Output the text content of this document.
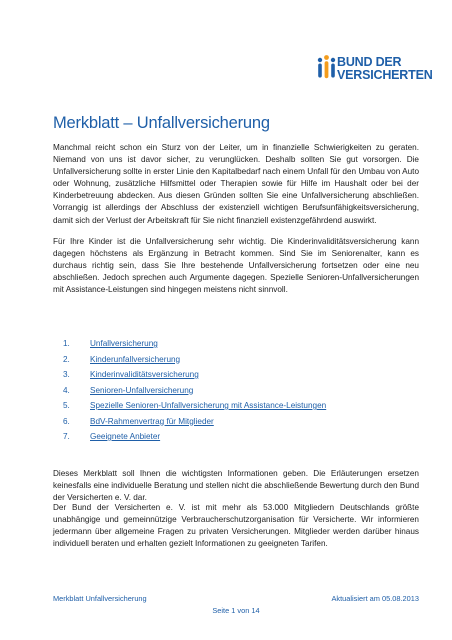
BUND DER
VERSICHERTEN
Merkblatt – Unfallversicherung

Manchmal reicht schon ein Sturz von der Leiter, um in finanzielle Schwierigkeiten zu geraten. Niemand von uns ist davor sicher, zu verunglücken. Deshalb sollten Sie gut vorsorgen. Die Unfallversicherung sollte in erster Linie den Kapitalbedarf nach einem Unfall für den Umbau von Auto oder Wohnung, zusätzliche Hilfsmittel oder Therapien sowie für Hilfe im Haushalt oder bei der Kinderbetreuung abdecken. Aus diesen Gründen sollten Sie eine Unfallversicherung abschließen. Vorrangig ist allerdings der Abschluss der existenziell wichtigen Berufsunfähigkeitsversicherung, damit sich der Verlust der Arbeitskraft für Sie nicht finanziell existenzgefährdend auswirkt.

Für Ihre Kinder ist die Unfallversicherung sehr wichtig. Die Kinderinvaliditätsversicherung kann dagegen höchstens als Ergänzung in Betracht kommen. Sind Sie im Seniorenalter, kann es durchaus richtig sein, dass Sie Ihre bestehende Unfallversicherung fortsetzen oder eine neu abschließen. Jedoch sprechen auch Argumente dagegen. Spezielle Senioren-Unfallversicherungen mit Assistance-Leistungen sind hingegen meistens nicht sinnvoll.

1. Unfallversicherung
2. Kinderunfallversicherung
3. Kinderinvaliditätsversicherung
4. Senioren-Unfallversicherung
5. Spezielle Senioren-Unfallversicherung mit Assistance-Leistungen
6. BdV-Rahmenvertrag für Mitglieder
7. Geeignete Anbieter

Dieses Merkblatt soll Ihnen die wichtigsten Informationen geben. Die Erläuterungen ersetzen keinesfalls eine individuelle Beratung und stellen nicht die abschließende Bewertung durch den Bund der Versicherten e. V. dar.

Der Bund der Versicherten e. V. ist mit mehr als 53.000 Mitgliedern Deutschlands größte unabhängige und gemeinnützige Verbraucherschutzorganisation für Versicherte. Wir informieren jedermann über allgemeine Fragen zu privaten Versicherungen. Mitglieder werden darüber hinaus individuell beraten und erhalten gezielt Informationen zu geeigneten Tarifen.

Merkblatt Unfallversicherung	Aktualisiert am 05.08.2013
Seite 1 von 14
